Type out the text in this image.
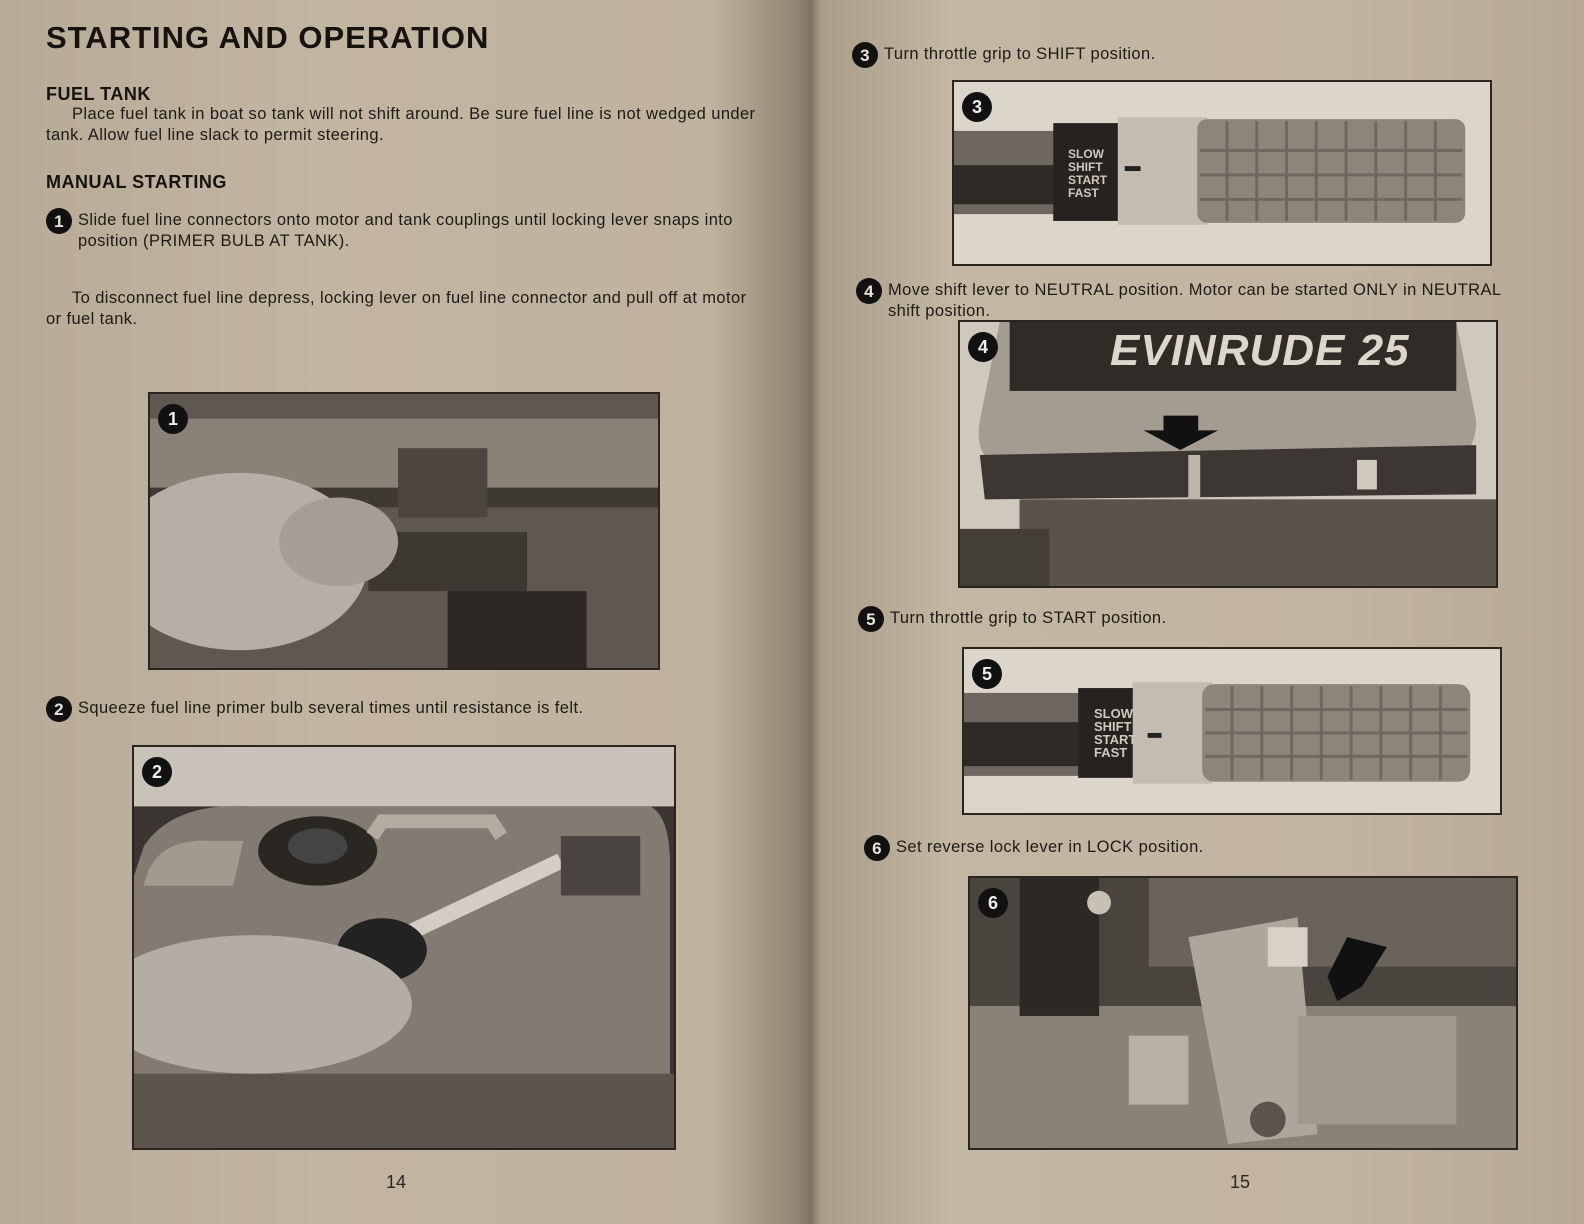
STARTING AND OPERATION
FUEL TANK
Place fuel tank in boat so tank will not shift around. Be sure fuel line is not wedged under tank. Allow fuel line slack to permit steering.
MANUAL STARTING
1 Slide fuel line connectors onto motor and tank couplings until locking lever snaps into position (PRIMER BULB AT TANK).
To disconnect fuel line depress, locking lever on fuel line connector and pull off at motor or fuel tank.
1
2 Squeeze fuel line primer bulb several times until resistance is felt.
2
14
3 Turn throttle grip to SHIFT position.
SLOW
SHIFT
START
FAST
3
4 Move shift lever to NEUTRAL position. Motor can be started ONLY in NEUTRAL shift position.
EVINRUDE 25
4
5 Turn throttle grip to START position.
SLOW
SHIFT
START
FAST
5
6 Set reverse lock lever in LOCK position.
6
15
